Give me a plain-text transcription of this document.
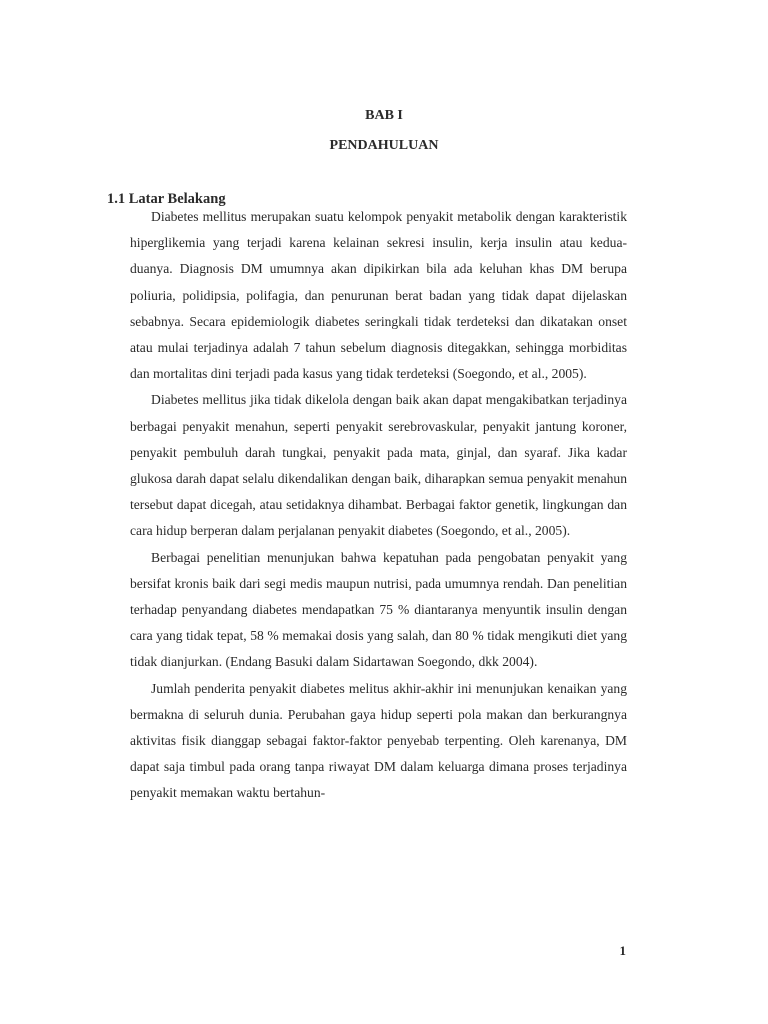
BAB I
PENDAHULUAN
1.1 Latar Belakang

Diabetes mellitus merupakan suatu kelompok penyakit metabolik dengan karakteristik hiperglikemia yang terjadi karena kelainan sekresi insulin, kerja insulin atau kedua-duanya. Diagnosis DM umumnya akan dipikirkan bila ada keluhan khas DM berupa poliuria, polidipsia, polifagia, dan penurunan berat badan yang tidak dapat dijelaskan sebabnya. Secara epidemiologik diabetes seringkali tidak terdeteksi dan dikatakan onset atau mulai terjadinya adalah 7 tahun sebelum diagnosis ditegakkan, sehingga morbiditas dan mortalitas dini terjadi pada kasus yang tidak terdeteksi (Soegondo, et al., 2005).

Diabetes mellitus jika tidak dikelola dengan baik akan dapat mengakibatkan terjadinya berbagai penyakit menahun, seperti penyakit serebrovaskular, penyakit jantung koroner, penyakit pembuluh darah tungkai, penyakit pada mata, ginjal, dan syaraf. Jika kadar glukosa darah dapat selalu dikendalikan dengan baik, diharapkan semua penyakit menahun tersebut dapat dicegah, atau setidaknya dihambat. Berbagai faktor genetik, lingkungan dan cara hidup berperan dalam perjalanan penyakit diabetes (Soegondo, et al., 2005).

Berbagai penelitian menunjukan bahwa kepatuhan pada pengobatan penyakit yang bersifat kronis baik dari segi medis maupun nutrisi, pada umumnya rendah. Dan penelitian terhadap penyandang diabetes mendapatkan 75 % diantaranya menyuntik insulin dengan cara yang tidak tepat, 58 % memakai dosis yang salah, dan 80 % tidak mengikuti diet yang tidak dianjurkan. (Endang Basuki dalam Sidartawan Soegondo, dkk 2004).

Jumlah penderita penyakit diabetes melitus akhir-akhir ini menunjukan kenaikan yang bermakna di seluruh dunia. Perubahan gaya hidup seperti pola makan dan berkurangnya aktivitas fisik dianggap sebagai faktor-faktor penyebab terpenting. Oleh karenanya, DM dapat saja timbul pada orang tanpa riwayat DM dalam keluarga dimana proses terjadinya penyakit memakan waktu bertahun-

1
